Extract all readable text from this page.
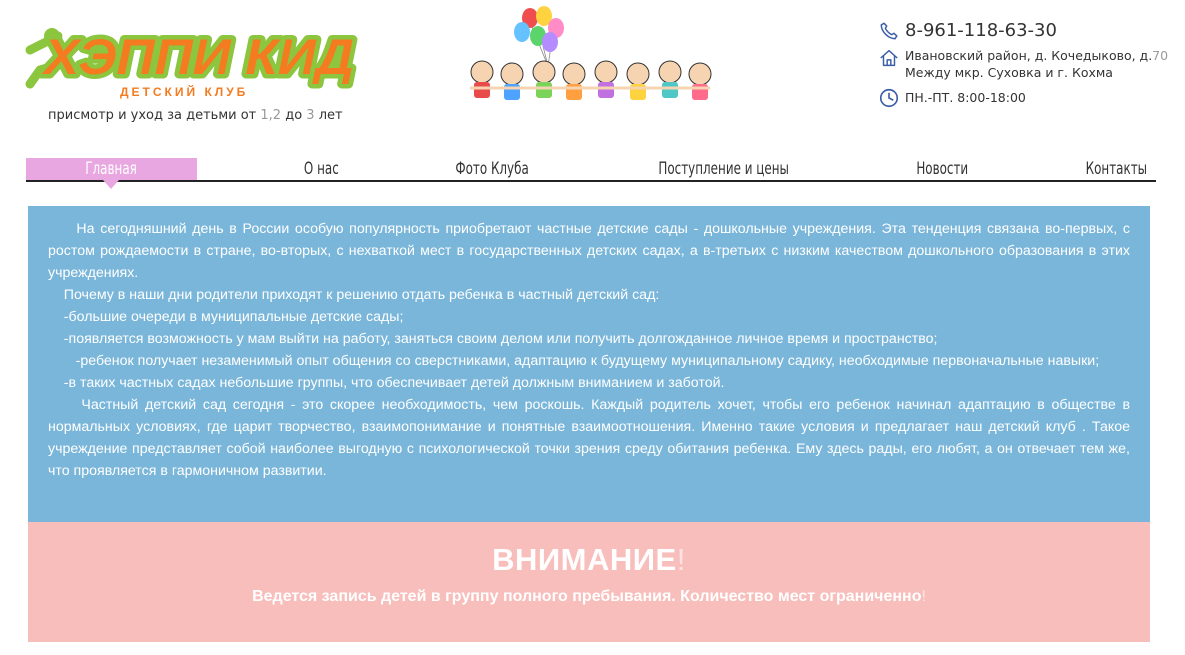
ХЭППИ КИД
ДЕТСКИЙ КЛУБ
присмотр и уход за детьми от 1,2 до 3 лет
8-961-118-63-30
Ивановский район, д. Кочедыково, д.70
Между мкр. Суховка и г. Кохма
ПН.-ПТ. 8:00-18:00
Главная	О нас	Фото Клуба	Поступление и цены	Новости	Контакты

На сегодняшний день в России особую популярность приобретают частные детские сады - дошкольные учреждения. Эта тенденция связана во-первых, с ростом рождаемости в стране, во-вторых, с нехваткой мест в государственных детских садах, а в-третьих с низким качеством дошкольного образования в этих учреждениях.

Почему в наши дни родители приходят к решению отдать ребенка в частный детский сад:

-большие очереди в муниципальные детские сады;

-появляется возможность у мам выйти на работу, заняться своим делом или получить долгожданное личное время и пространство;

-ребенок получает незаменимый опыт общения со сверстниками, адаптацию к будущему муниципальному садику, необходимые первоначальные навыки;

-в таких частных садах небольшие группы, что обеспечивает детей должным вниманием и заботой.

Частный детский сад сегодня - это скорее необходимость, чем роскошь. Каждый родитель хочет, чтобы его ребенок начинал адаптацию в обществе в нормальных условиях, где царит творчество, взаимопонимание и понятные взаимоотношения. Именно такие условия и предлагает наш детский клуб . Такое учреждение представляет собой наиболее выгодную с психологической точки зрения среду обитания ребенка. Ему здесь рады, его любят, а он отвечает тем же, что проявляется в гармоничном развитии.

ВНИМАНИЕ!
Ведется запись детей в группу полного пребывания. Количество мест ограниченно!
